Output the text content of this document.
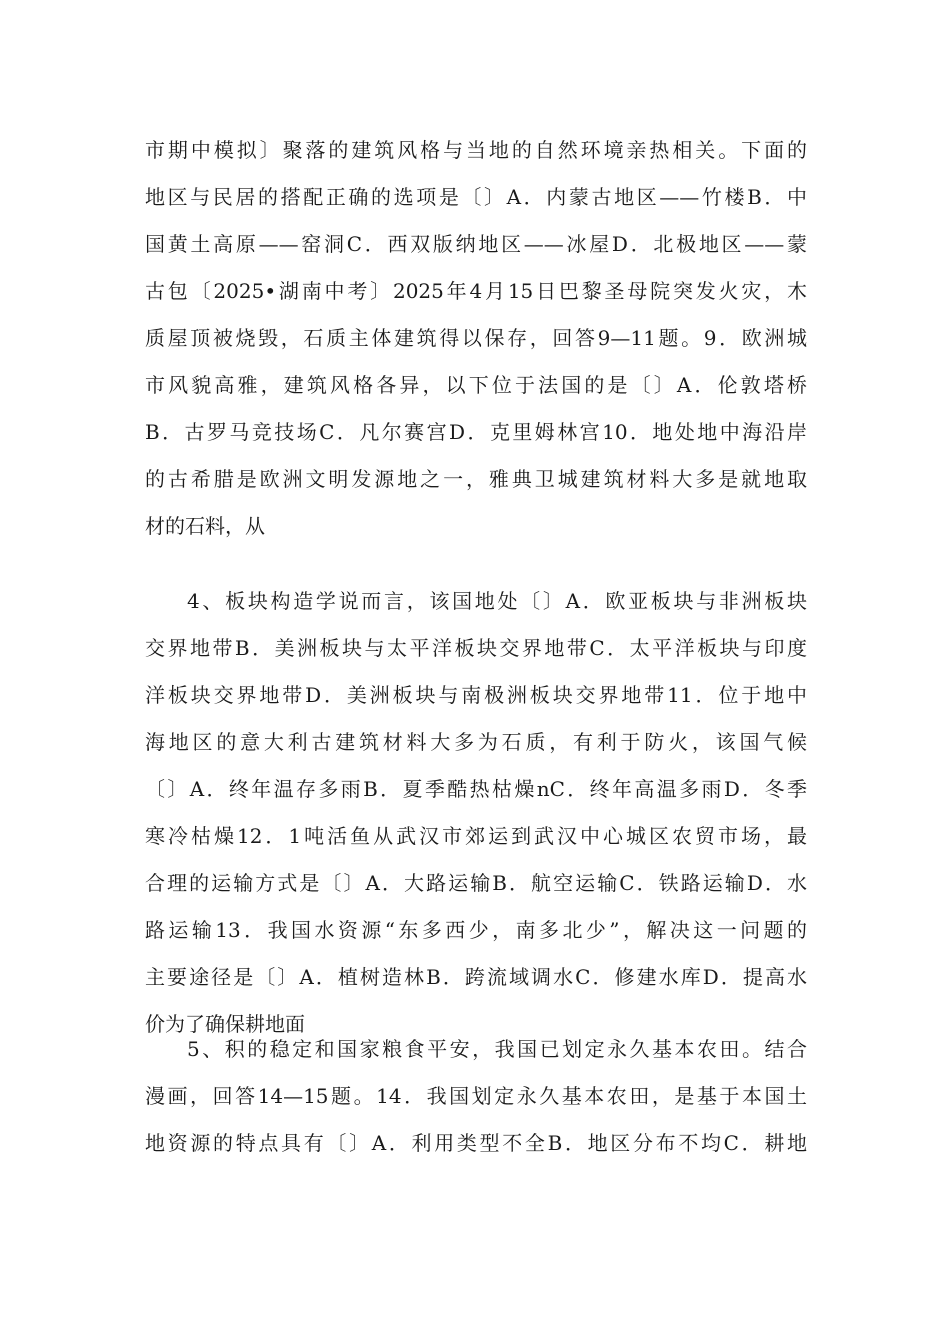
市期中模拟〕聚落的建筑风格与当地的自然环境亲热相关。下面的
地区与民居的搭配正确的选项是〔〕A．内蒙古地区——竹楼B．中
国黄土高原——窑洞C．西双版纳地区——冰屋D．北极地区——蒙
古包〔2025•湖南中考〕2025年4月15日巴黎圣母院突发火灾，木
质屋顶被烧毁，石质主体建筑得以保存，回答9—11题。9．欧洲城
市风貌高雅，建筑风格各异，以下位于法国的是〔〕A．伦敦塔桥
B．古罗马竞技场C．凡尔赛宫D．克里姆林宫10．地处地中海沿岸
的古希腊是欧洲文明发源地之一，雅典卫城建筑材料大多是就地取
材的石料，从
4、板块构造学说而言，该国地处〔〕A．欧亚板块与非洲板块
交界地带B．美洲板块与太平洋板块交界地带C．太平洋板块与印度
洋板块交界地带D．美洲板块与南极洲板块交界地带11．位于地中
海地区的意大利古建筑材料大多为石质，有利于防火，该国气候
〔〕A．终年温存多雨B．夏季酷热枯燥nC．终年高温多雨D．冬季
寒冷枯燥12．1吨活鱼从武汉市郊运到武汉中心城区农贸市场，最
合理的运输方式是〔〕A．大路运输B．航空运输C．铁路运输D．水
路运输13．我国水资源“东多西少，南多北少”，解决这一问题的
主要途径是〔〕A．植树造林B．跨流域调水C．修建水库D．提高水
价为了确保耕地面
5、积的稳定和国家粮食平安，我国已划定永久基本农田。结合
漫画，回答14—15题。14．我国划定永久基本农田，是基于本国土
地资源的特点具有〔〕A．利用类型不全B．地区分布不均C．耕地
